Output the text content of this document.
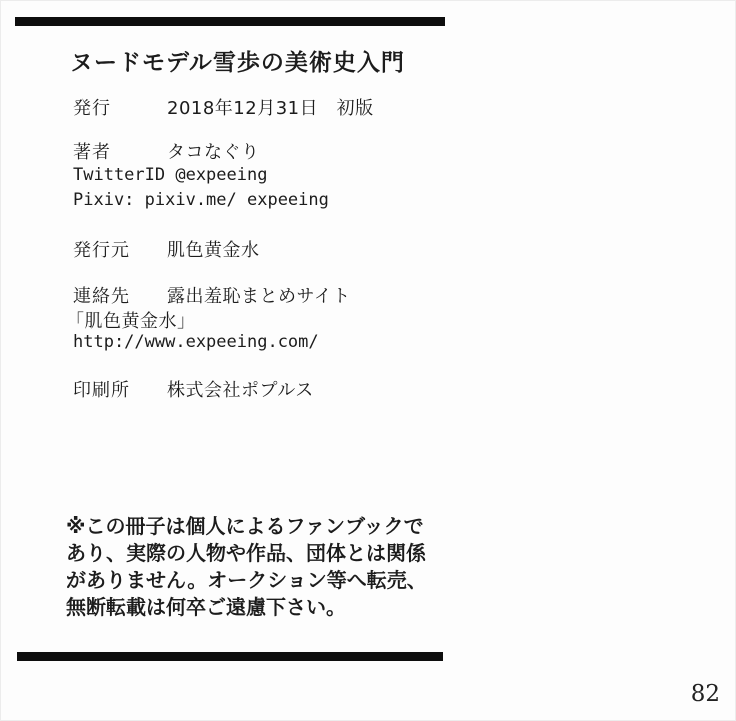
ヌードモデル雪歩の美術史入門
発行	2018年12月31日　初版
著者	タコなぐり
TwitterID @expeeing
Pixiv: pixiv.me/ expeeing
発行元 肌色黄金水
連絡先 露出羞恥まとめサイト
「肌色黄金水」
http://www.expeeing.com/
印刷所 株式会社ポプルス
※この冊子は個人によるファンブックで
あり、実際の人物や作品、団体とは関係
がありません。オークション等へ転売、
無断転載は何卒ご遠慮下さい。
82
